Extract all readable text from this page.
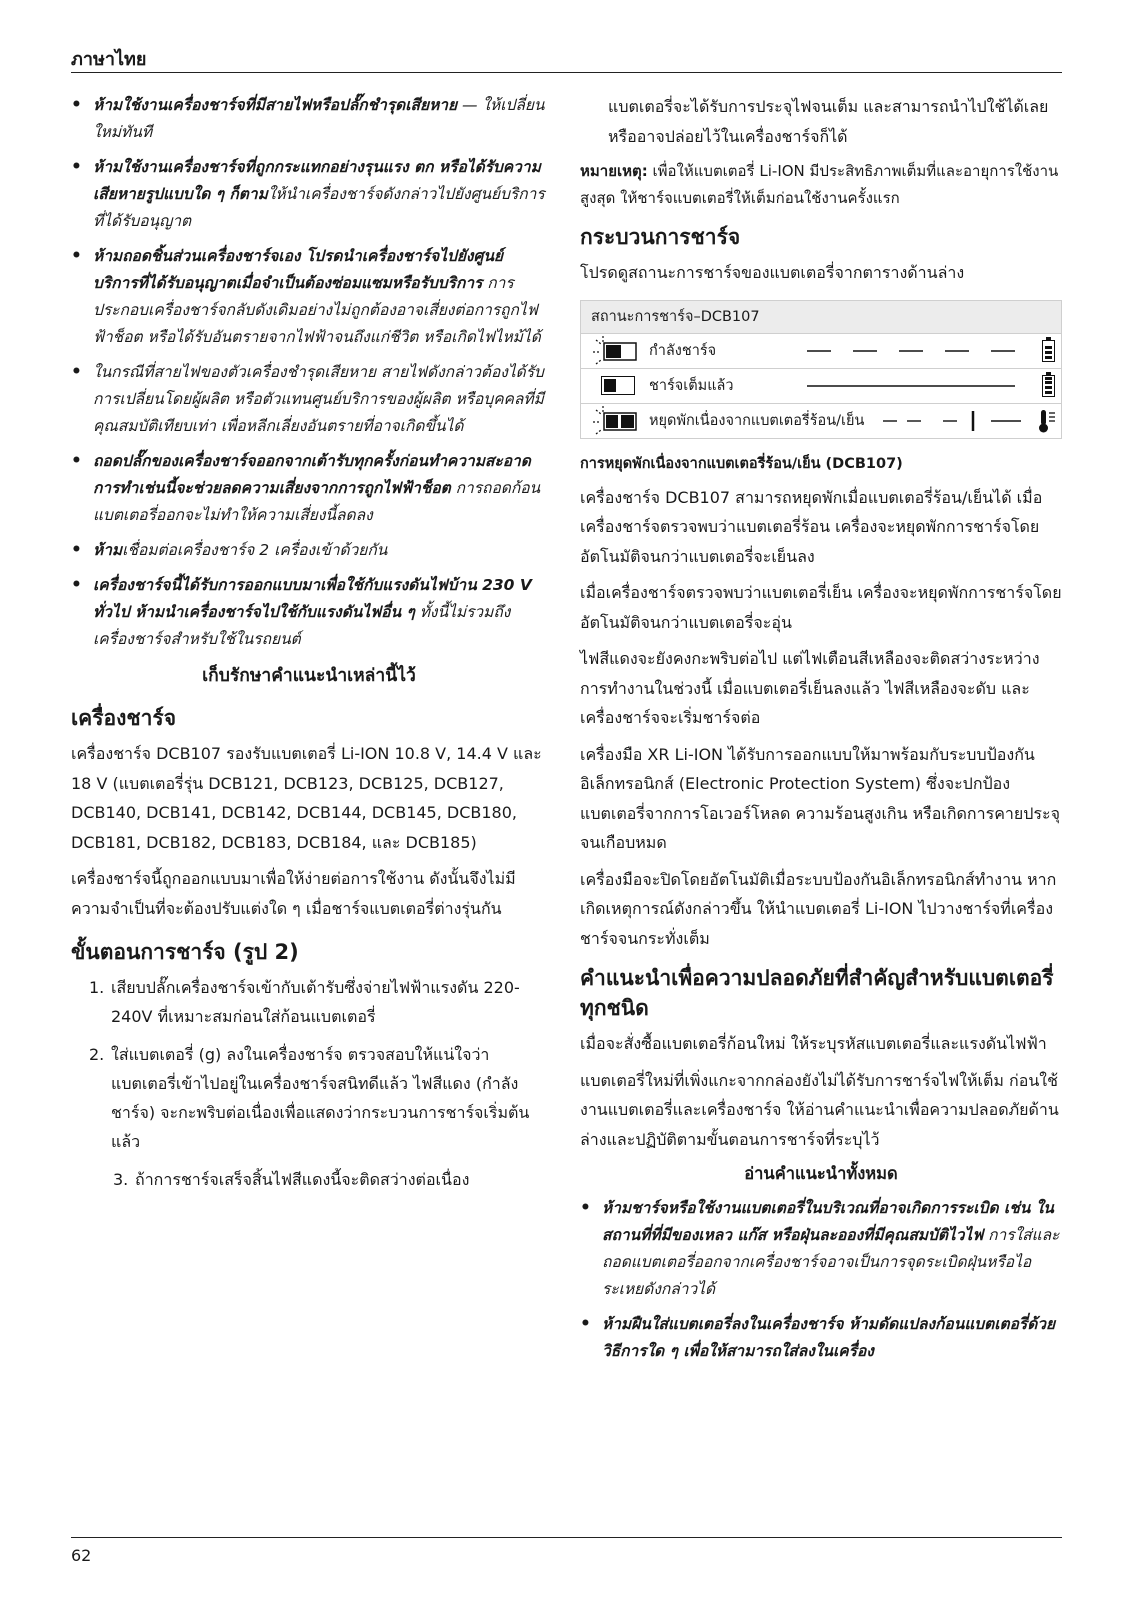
ภาษาไทย
• ห้ามใช้งานเครื่องชาร์จที่มีสายไฟหรือปลั๊กชำรุดเสียหาย — ให้เปลี่ยนใหม่ทันที
• ห้ามใช้งานเครื่องชาร์จที่ถูกกระแทกอย่างรุนแรง ตก หรือได้รับความเสียหายรูปแบบใด ๆ ก็ตามให้นำเครื่องชาร์จดังกล่าวไปยังศูนย์บริการที่ได้รับอนุญาต
• ห้ามถอดชิ้นส่วนเครื่องชาร์จเอง โปรดนำเครื่องชาร์จไปยังศูนย์บริการที่ได้รับอนุญาตเมื่อจำเป็นต้องซ่อมแซมหรือรับบริการ การประกอบเครื่องชาร์จกลับดังเดิมอย่างไม่ถูกต้องอาจเสี่ยงต่อการถูกไฟฟ้าช็อต หรือได้รับอันตรายจากไฟฟ้าจนถึงแก่ชีวิต หรือเกิดไฟไหม้ได้
• ในกรณีที่สายไฟของตัวเครื่องชำรุดเสียหาย สายไฟดังกล่าวต้องได้รับการเปลี่ยนโดยผู้ผลิต หรือตัวแทนศูนย์บริการของผู้ผลิต หรือบุคคลที่มีคุณสมบัติเทียบเท่า เพื่อหลีกเลี่ยงอันตรายที่อาจเกิดขึ้นได้
• ถอดปลั๊กของเครื่องชาร์จออกจากเต้ารับทุกครั้งก่อนทำความสะอาด การทำเช่นนี้จะช่วยลดความเสี่ยงจากการถูกไฟฟ้าช็อต การถอดก้อนแบตเตอรี่ออกจะไม่ทำให้ความเสี่ยงนี้ลดลง
• ห้ามเชื่อมต่อเครื่องชาร์จ 2 เครื่องเข้าด้วยกัน
• เครื่องชาร์จนี้ได้รับการออกแบบมาเพื่อใช้กับแรงดันไฟบ้าน 230 V ทั่วไป ห้ามนำเครื่องชาร์จไปใช้กับแรงดันไฟอื่น ๆ ทั้งนี้ไม่รวมถึงเครื่องชาร์จสำหรับใช้ในรถยนต์
เก็บรักษาคำแนะนำเหล่านี้ไว้
เครื่องชาร์จ

เครื่องชาร์จ DCB107 รองรับแบตเตอรี่ Li-ION 10.8 V, 14.4 V และ 18 V (แบตเตอรี่รุ่น DCB121, DCB123, DCB125, DCB127, DCB140, DCB141, DCB142, DCB144, DCB145, DCB180, DCB181, DCB182, DCB183, DCB184, และ DCB185)

เครื่องชาร์จนี้ถูกออกแบบมาเพื่อให้ง่ายต่อการใช้งาน ดังนั้นจึงไม่มีความจำเป็นที่จะต้องปรับแต่งใด ๆ เมื่อชาร์จแบตเตอรี่ต่างรุ่นกัน

ขั้นตอนการชาร์จ (รูป 2)
1. เสียบปลั๊กเครื่องชาร์จเข้ากับเต้ารับซึ่งจ่ายไฟฟ้าแรงดัน 220-240V ที่เหมาะสมก่อนใส่ก้อนแบตเตอรี่
2. ใส่แบตเตอรี่ (g) ลงในเครื่องชาร์จ ตรวจสอบให้แน่ใจว่าแบตเตอรี่เข้าไปอยู่ในเครื่องชาร์จสนิทดีแล้ว ไฟสีแดง (กำลังชาร์จ) จะกะพริบต่อเนื่องเพื่อแสดงว่ากระบวนการชาร์จเริ่มต้นแล้ว
3. ถ้าการชาร์จเสร็จสิ้นไฟสีแดงนี้จะติดสว่างต่อเนื่อง

แบตเตอรี่จะได้รับการประจุไฟจนเต็ม และสามารถนำไปใช้ได้เลย หรืออาจปล่อยไว้ในเครื่องชาร์จก็ได้

หมายเหตุ: เพื่อให้แบตเตอรี่ Li-ION มีประสิทธิภาพเต็มที่และอายุการใช้งานสูงสุด ให้ชาร์จแบตเตอรี่ให้เต็มก่อนใช้งานครั้งแรก

กระบวนการชาร์จ

โปรดดูสถานะการชาร์จของแบตเตอรี่จากตารางด้านล่าง

สถานะการชาร์จ–DCB107
กำลังชาร์จ
ชาร์จเต็มแล้ว
หยุดพักเนื่องจากแบตเตอรี่ร้อน/เย็น
การหยุดพักเนื่องจากแบตเตอรี่ร้อน/เย็น (DCB107)

เครื่องชาร์จ DCB107 สามารถหยุดพักเมื่อแบตเตอรี่ร้อน/เย็นได้ เมื่อเครื่องชาร์จตรวจพบว่าแบตเตอรี่ร้อน เครื่องจะหยุดพักการชาร์จโดยอัตโนมัติจนกว่าแบตเตอรี่จะเย็นลง

เมื่อเครื่องชาร์จตรวจพบว่าแบตเตอรี่เย็น เครื่องจะหยุดพักการชาร์จโดยอัตโนมัติจนกว่าแบตเตอรี่จะอุ่น

ไฟสีแดงจะยังคงกะพริบต่อไป แต่ไฟเตือนสีเหลืองจะติดสว่างระหว่างการทำงานในช่วงนี้ เมื่อแบตเตอรี่เย็นลงแล้ว ไฟสีเหลืองจะดับ และเครื่องชาร์จจะเริ่มชาร์จต่อ

เครื่องมือ XR Li-ION ได้รับการออกแบบให้มาพร้อมกับระบบป้องกันอิเล็กทรอนิกส์ (Electronic Protection System) ซึ่งจะปกป้องแบตเตอรี่จากการโอเวอร์โหลด ความร้อนสูงเกิน หรือเกิดการคายประจุจนเกือบหมด

เครื่องมือจะปิดโดยอัตโนมัติเมื่อระบบป้องกันอิเล็กทรอนิกส์ทำงาน หากเกิดเหตุการณ์ดังกล่าวขึ้น ให้นำแบตเตอรี่ Li-ION ไปวางชาร์จที่เครื่องชาร์จจนกระทั่งเต็ม

คำแนะนำเพื่อความปลอดภัยที่สำคัญสำหรับแบตเตอรี่ทุกชนิด

เมื่อจะสั่งซื้อแบตเตอรี่ก้อนใหม่ ให้ระบุรหัสแบตเตอรี่และแรงดันไฟฟ้า

แบตเตอรี่ใหม่ที่เพิ่งแกะจากกล่องยังไม่ได้รับการชาร์จไฟให้เต็ม ก่อนใช้งานแบตเตอรี่และเครื่องชาร์จ ให้อ่านคำแนะนำเพื่อความปลอดภัยด้านล่างและปฏิบัติตามขั้นตอนการชาร์จที่ระบุไว้

อ่านคำแนะนำทั้งหมด
• ห้ามชาร์จหรือใช้งานแบตเตอรี่ในบริเวณที่อาจเกิดการระเบิด เช่น ในสถานที่ที่มีของเหลว แก๊ส หรือฝุ่นละอองที่มีคุณสมบัติไวไฟ การใส่และถอดแบตเตอรี่ออกจากเครื่องชาร์จอาจเป็นการจุดระเบิดฝุ่นหรือไอระเหยดังกล่าวได้
• ห้ามฝืนใส่แบตเตอรี่ลงในเครื่องชาร์จ ห้ามดัดแปลงก้อนแบตเตอรี่ด้วยวิธีการใด ๆ เพื่อให้สามารถใส่ลงในเครื่อง
62
